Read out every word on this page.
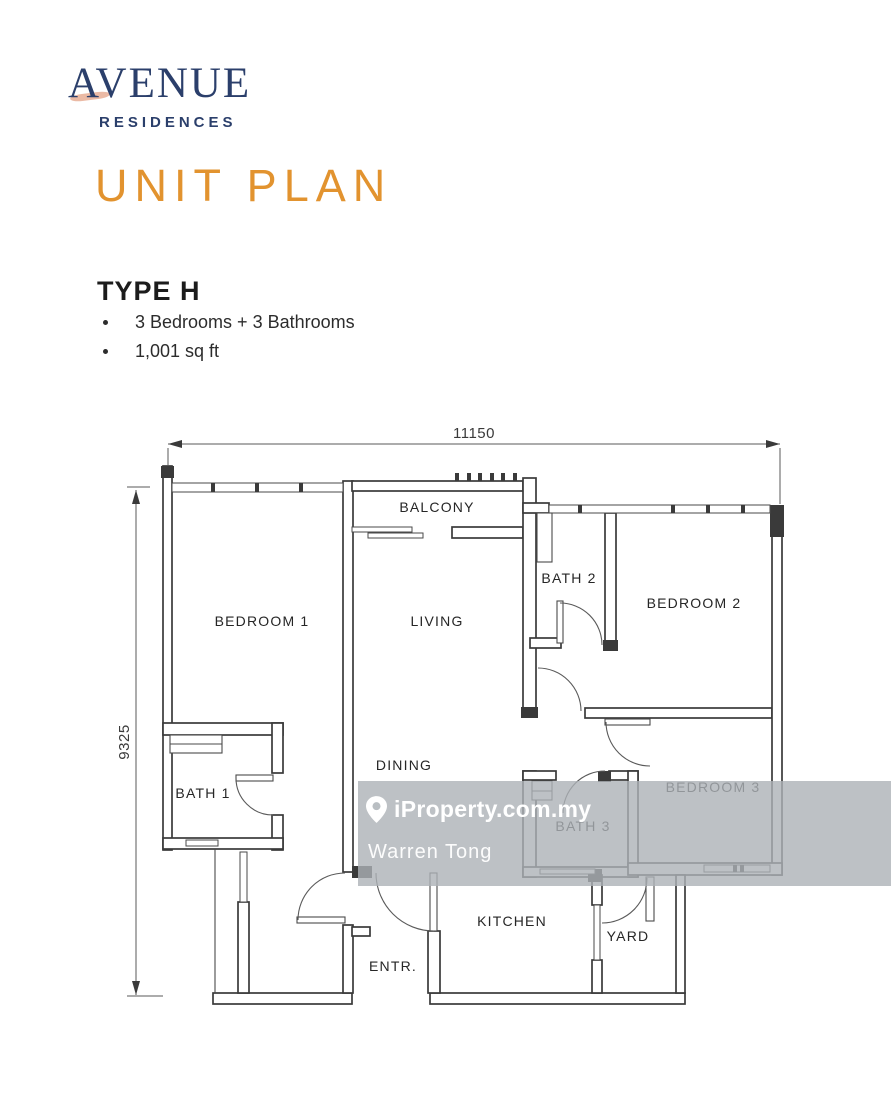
AVENUE
RESIDENCES
UNIT PLAN
TYPE H
3 Bedrooms + 3 Bathrooms
1,001 sq ft
11150
9325
BALCONY
BEDROOM 1	LIVING
BATH 2
BEDROOM 2
DINING
BATH 1
KITCHEN
YARD
ENTR.
iProperty.com.my
Warren Tong
